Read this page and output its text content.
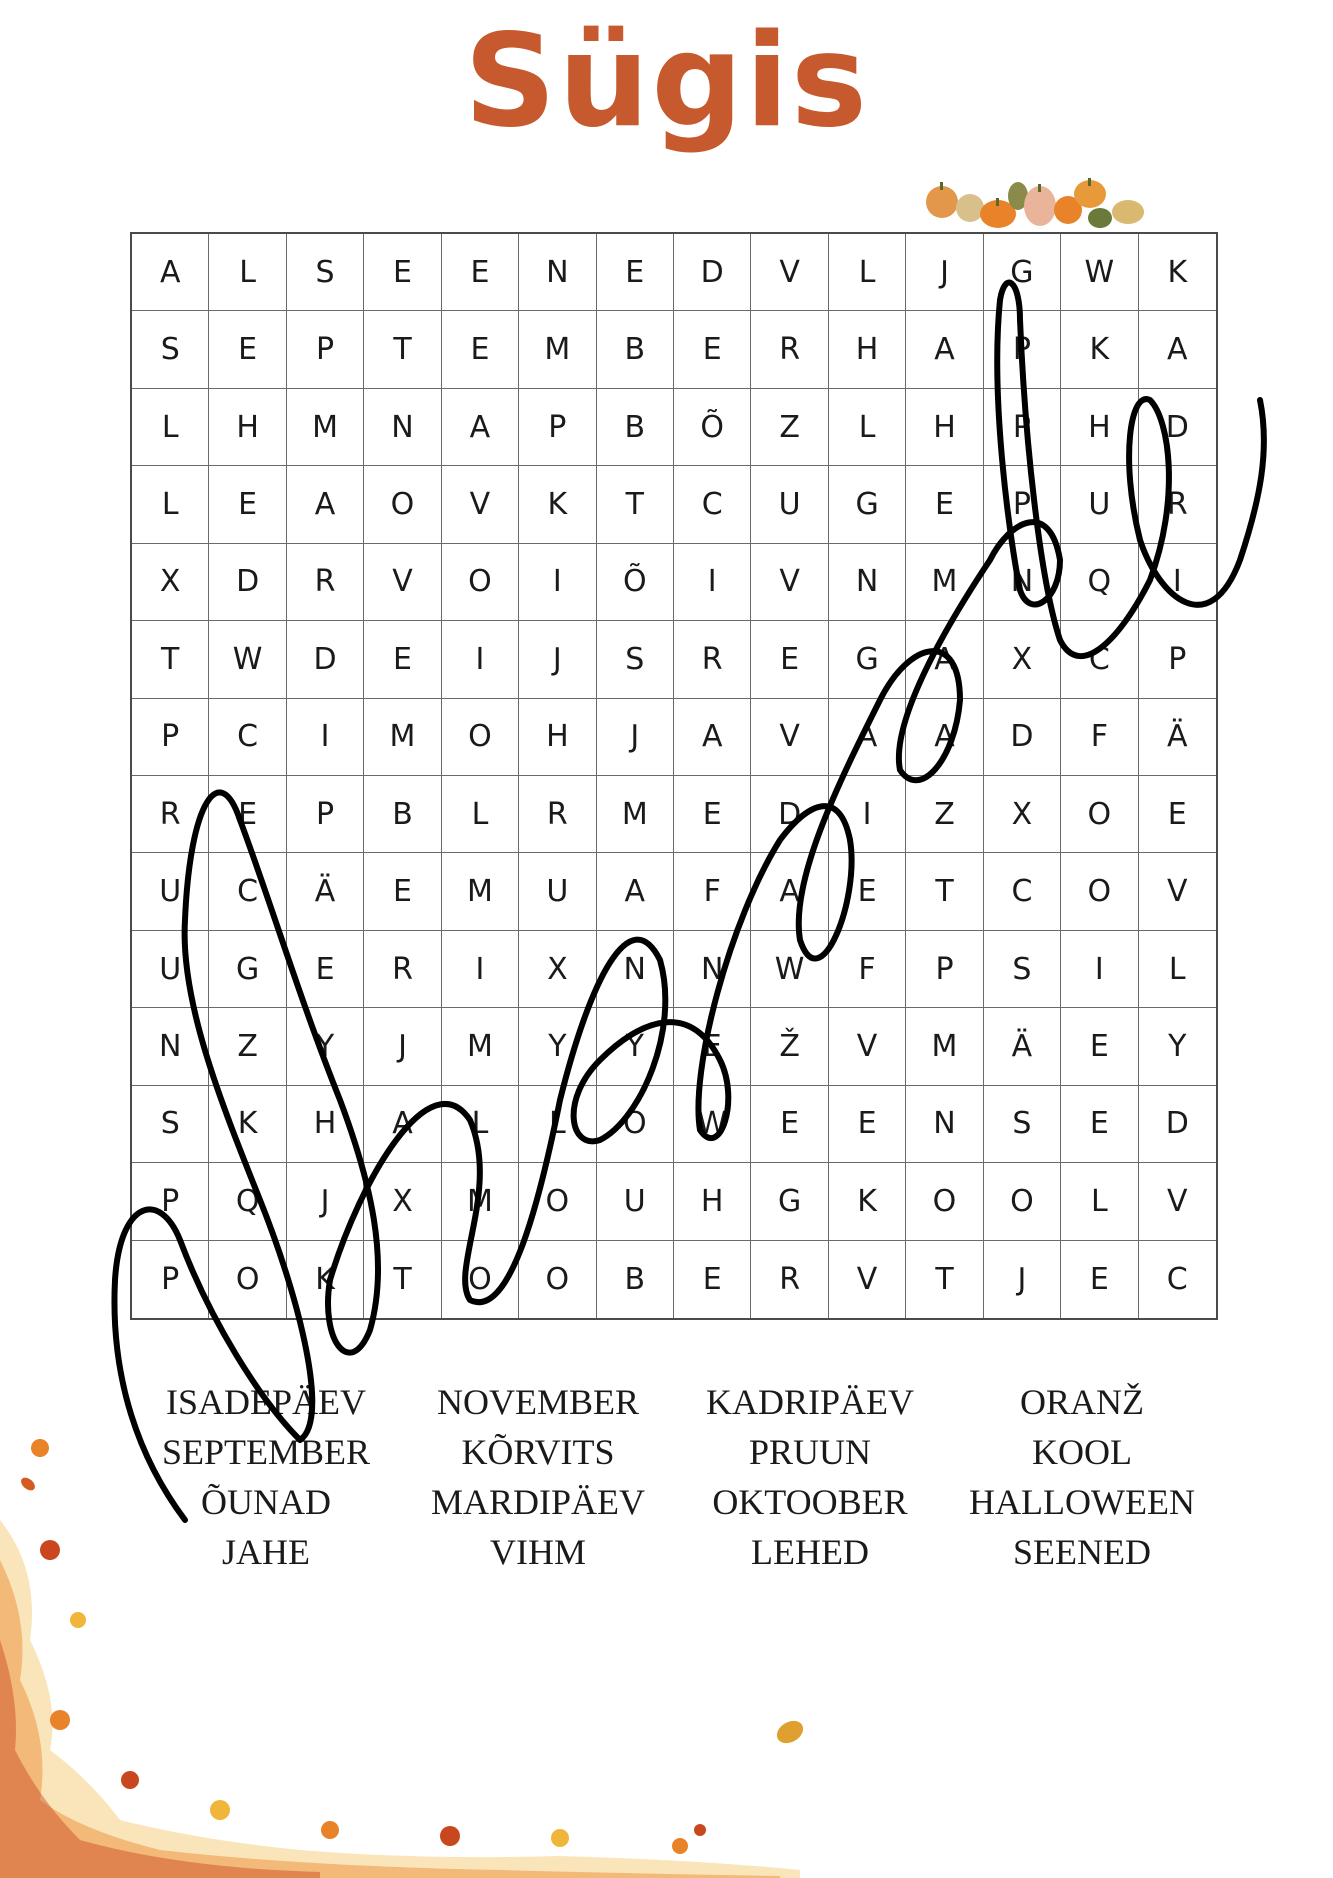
Sügis
A	L	S	E	E	N	E	D	V	L	J	G	W	K
S	E	P	T	E	M	B	E	R	H	A	P	K	A
L	H	M	N	A	P	B	Õ	Z	L	H	P	H	D
L	E	A	O	V	K	T	C	U	G	E	P	U	R
X	D	R	V	O	I	Õ	I	V	N	M	N	Q	I
T	W	D	E	I	J	S	R	E	G	A	X	C	P
P	C	I	M	O	H	J	A	V	A	A	D	F	Ä
R	E	P	B	L	R	M	E	D	I	Z	X	O	E
U	C	Ä	E	M	U	A	F	A	E	T	C	O	V
U	G	E	R	I	X	N	N	W	F	P	S	I	L
N	Z	Y	J	M	Y	Y	E	Ž	V	M	Ä	E	Y
S	K	H	A	L	L	O	W	E	E	N	S	E	D
P	Q	J	X	M	O	U	H	G	K	O	O	L	V
P	O	K	T	O	O	B	E	R	V	T	J	E	C
ISADEPÄEV	NOVEMBER	KADRIPÄEV	ORANŽ
SEPTEMBER	KÕRVITS	PRUUN	KOOL
ÕUNAD	MARDIPÄEV	OKTOOBER	HALLOWEEN
JAHE	VIHM	LEHED	SEENED
